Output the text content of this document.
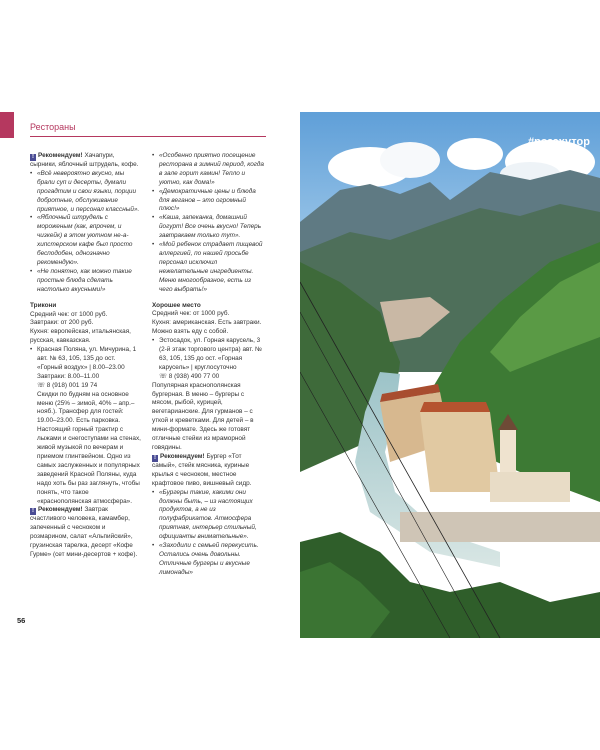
Рестораны

! Рекомендуем! Хачапури, сырники, яблочный штрудель, кофе.

• «Всё невероятно вкусно, мы брали суп и десерты, думали прогадтим и свои языки, порции добротные, обслуживание приятное, и персонал классный».
• «Яблочный штрудель с мороженым (как, впрочем, и чизкейк) в этом уютном не-а-хипстерском кафе был просто бесподобен, однозначно рекомендую».
• «Не понятно, как можно такие простые блюда сделать настолько вкусными!»

Трикони

Средний чек: от 1000 руб.

Завтраки: от 200 руб.

Кухня: европейская, итальянская, русская, кавказская.

• Красная Поляна, ул. Мичурина, 1 авт. № 63, 105, 135 до ост. «Горный воздух» | 8.00–23.00

Завтраки: 8.00–11.00

☏ 8 (918) 001 19 74

Скидки по будням на основное меню (25% – зимой, 40% – апр.–нояб.). Трансфер для гостей: 19.00–23.00. Есть парковка. Настоящий горный трактир с лыжами и снегоступами на стенах, живой музыкой по вечерам и приемом глинтвейном. Одно из самых заслуженных и популярных заведений Красной Поляны, куда надо хоть бы раз заглянуть, чтобы понять, что такое «краснополянская атмосфера».

! Рекомендуем! Завтрак счастливого человека, камамбер, запеченный с чесноком и розмарином, салат «Альпийский», грузинская тарелка, десерт «Кофе Гурме» (сет мини-десертов + кофе).

• «Особенно приятно посещение ресторана в зимний период, когда в зале горит камин! Тепло и уютно, как дома!»
• «Демократичные цены и блюда для веганов – это огромный плюс!»
• «Каша, запеканка, домашний йогурт! Все очень вкусно! Теперь завтракаем только тут».
• «Мой ребенок страдает пищевой аллергией, по нашей просьбе персонал исключил нежелательные ингредиенты. Меню многообразное, есть из чего выбрать!»

Хорошее место

Средний чек: от 1000 руб.

Кухня: американская. Есть завтраки. Можно взять еду с собой.

• Эстосадок, ул. Горная карусель, 3 (2-й этаж торгового центра) авт. № 63, 105, 135 до ост. «Горная карусель» | круглосуточно

☏ 8 (938) 490 77 00

Популярная краснополянская бургерная. В меню – бургеры с мясом, рыбой, курицей, вегетарианские. Для гурманов – с уткой и креветками. Для детей – в мини-формате. Здесь же готовят отличные стейки из мраморной говядины.

! Рекомендуем! Бургер «Тот самый», стейк мясника, куриные крылья с чесноком, местное крафтовое пиво, вишневый сидр.

• «Бургеры такие, какими они должны быть, – из настоящих продуктов, а не из полуфабрикатов. Атмосфера приятная, интерьер стильный, официанты внимательные».
• «Заходили с семьей перекусить. Остались очень довольны. Отличные бургеры и вкусные лимонады»
56
#розахутор
